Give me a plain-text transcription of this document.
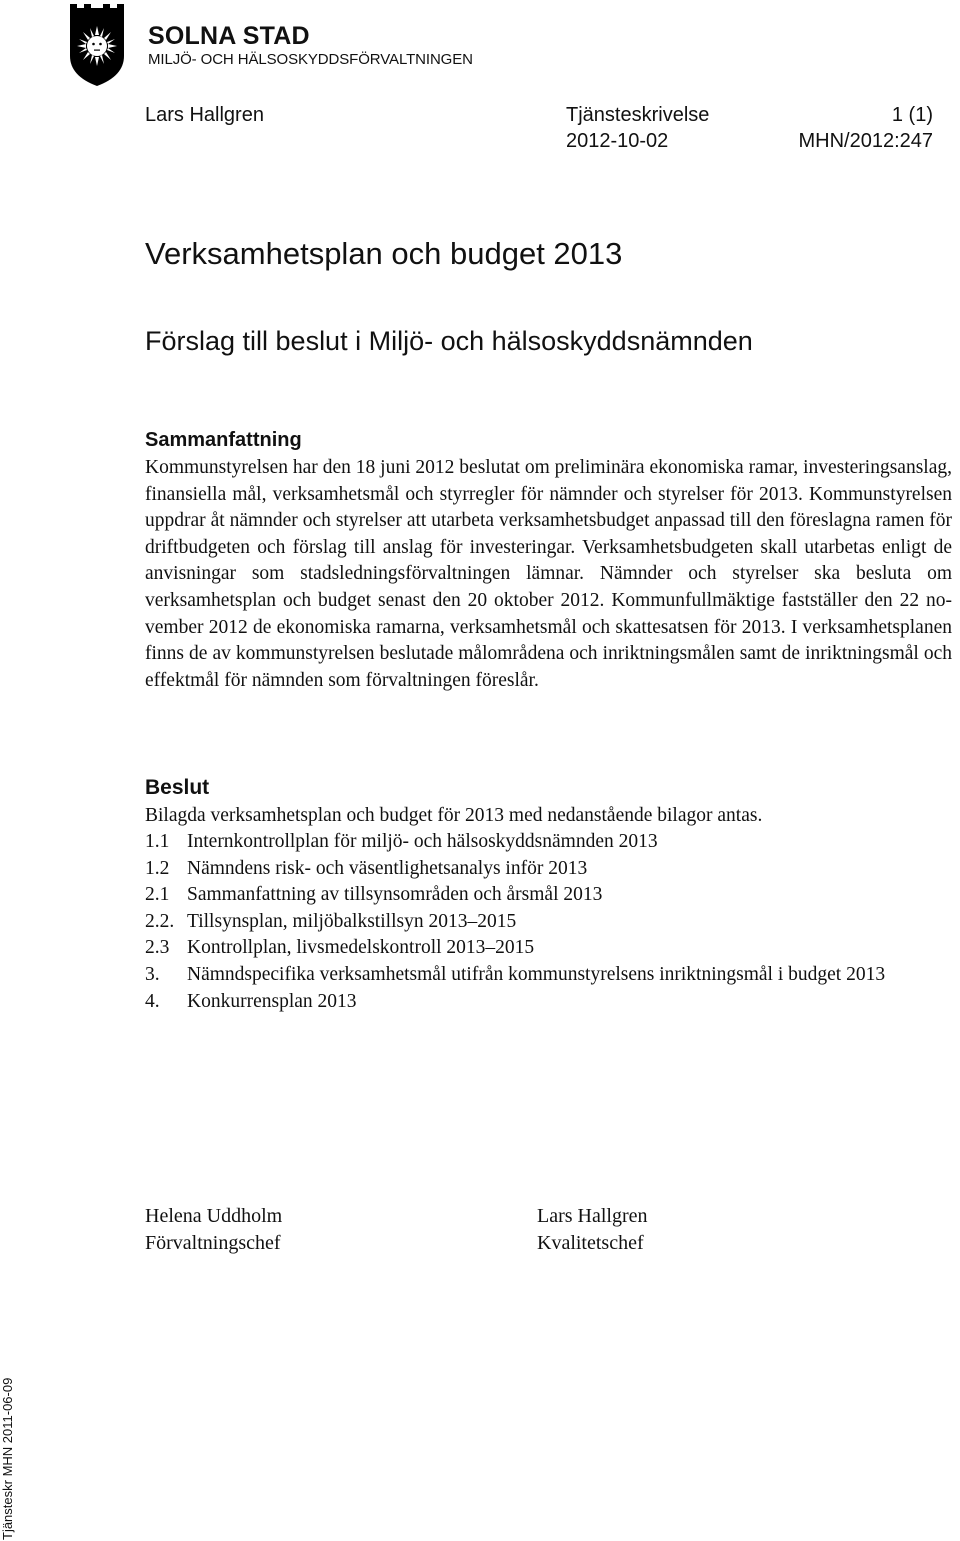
SOLNA STAD
MILJÖ- OCH HÄLSOSKYDDSFÖRVALTNINGEN
Lars Hallgren	Tjänsteskrivelse	1 (1)
2012-10-02	MHN/2012:247
Verksamhetsplan och budget 2013
Förslag till beslut i Miljö- och hälsoskyddsnämnden
Sammanfattning
Kommunstyrelsen har den 18 juni 2012 beslutat om preliminära ekonomiska ramar, investeringsanslag, finansiella mål, verksamhetsmål och styrregler för nämnder och styrelser för 2013. Kommunstyrelsen uppdrar åt nämnder och styrelser att utarbeta verksamhetsbudget anpassad till den föreslagna ramen för driftbudgeten och förslag till anslag för investeringar. Verksamhetsbudgeten skall utarbetas enligt de anvisningar som stadsledningsförvaltningen lämnar. Nämnder och styrelser ska besluta om verksamhetsplan och budget senast den 20 oktober 2012. Kommunfullmäktige fastställer den 22 november 2012 de ekonomiska ramarna, verksamhetsmål och skattesatsen för 2013. I verksamhetsplanen finns de av kommunstyrelsen beslutade målområdena och inriktningsmålen samt de inriktningsmål och effektmål för nämnden som förvaltningen föreslår.
Beslut
Bilagda verksamhetsplan och budget för 2013 med nedanstående bilagor antas.
1.1 Internkontrollplan för miljö- och hälsoskyddsnämnden 2013
1.2 Nämndens risk- och väsentlighetsanalys inför 2013
2.1 Sammanfattning av tillsynsområden och årsmål 2013
2.2. Tillsynsplan, miljöbalkstillsyn 2013–2015
2.3 Kontrollplan, livsmedelskontroll 2013–2015
3.	Nämndspecifika verksamhetsmål utifrån kommunstyrelsens inriktningsmål i budget 2013
4.	Konkurrensplan 2013
Helena Uddholm
Förvaltningschef
Lars Hallgren
Kvalitetschef
Tjänsteskr MHN 2011-06-09
